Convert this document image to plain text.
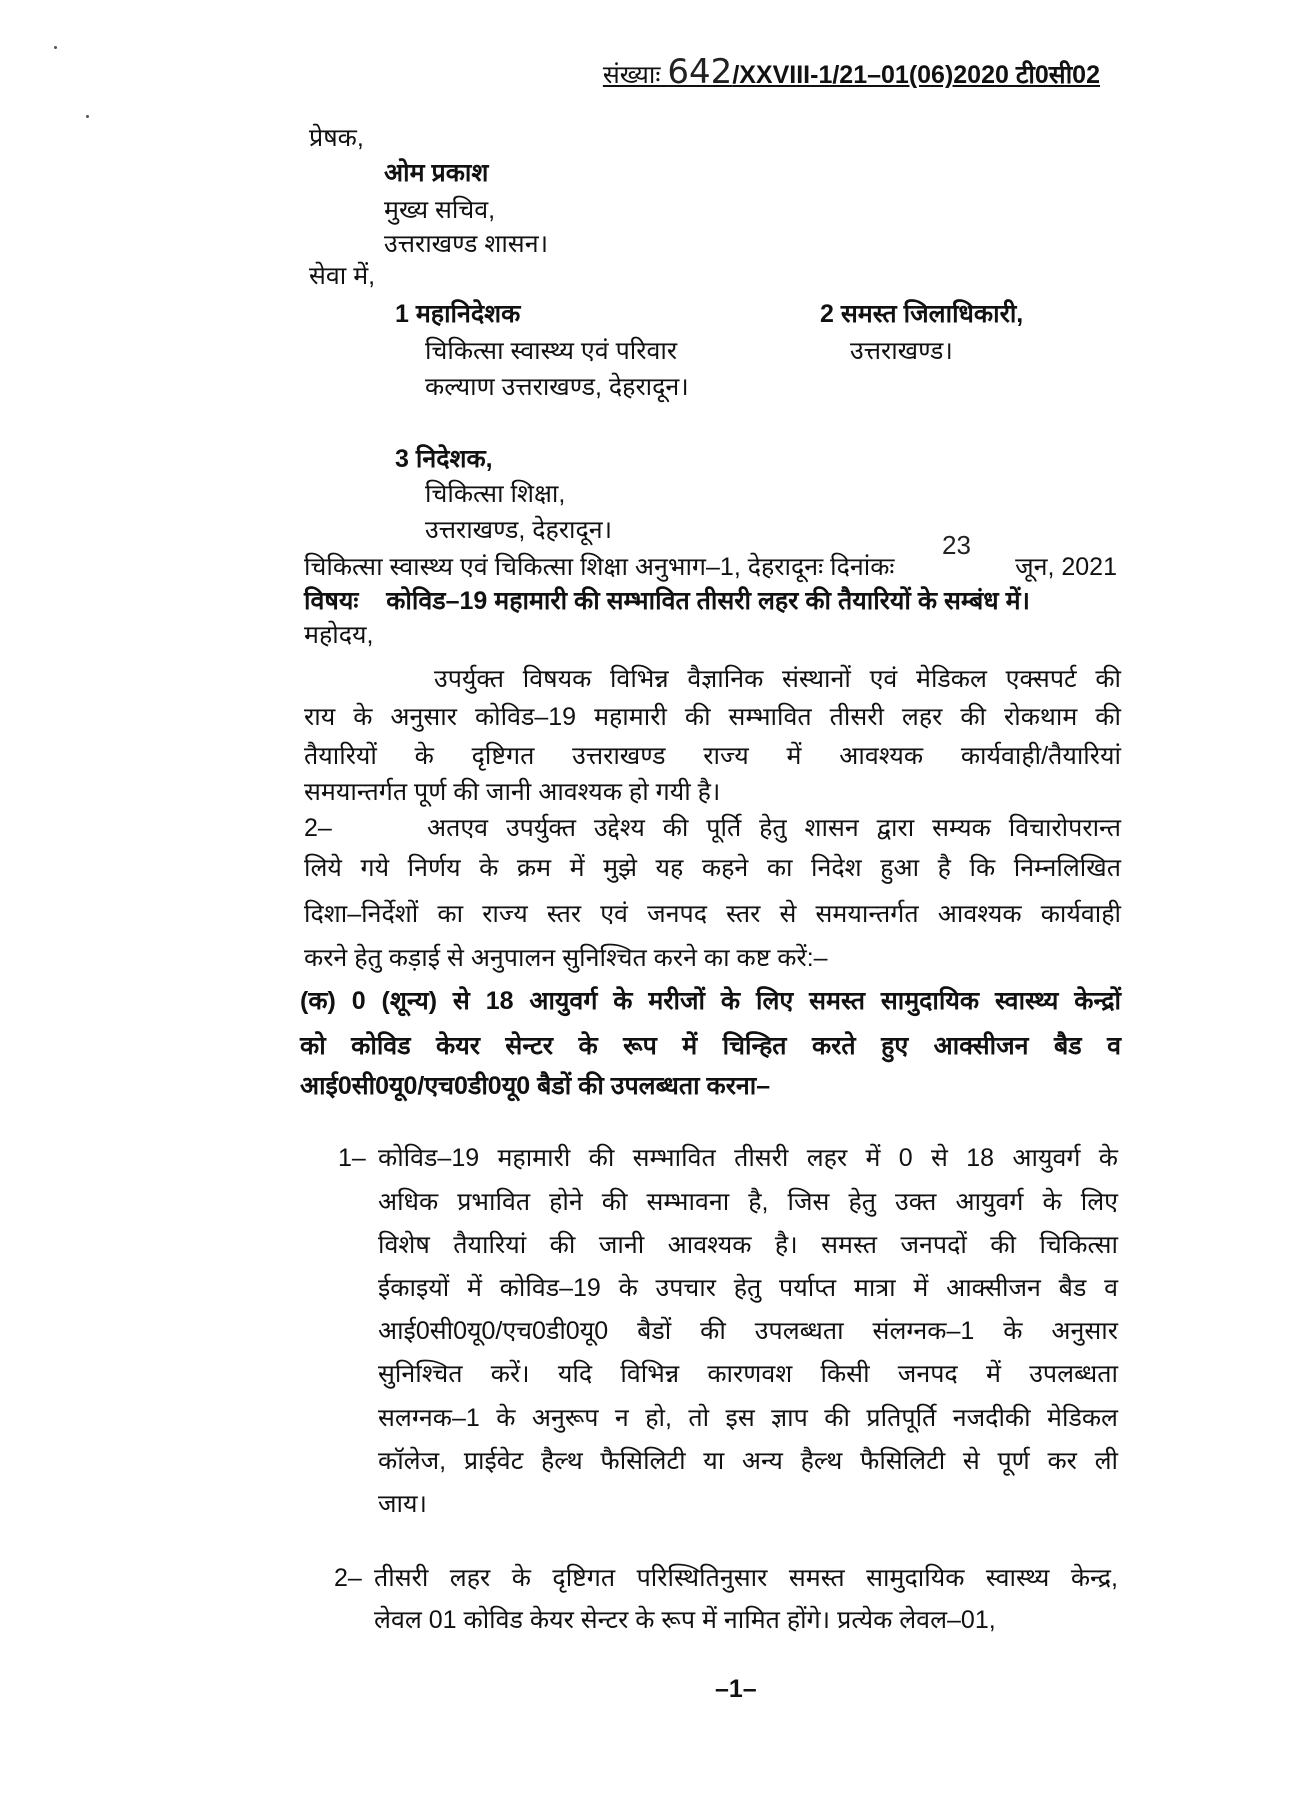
संख्याः 642/XXVIII-1/21–01(06)2020 टी0सी02
प्रेषक,
ओम प्रकाश
मुख्य सचिव,
उत्तराखण्ड शासन।
सेवा में,
1 महानिदेशक
चिकित्सा स्वास्थ्य एवं परिवार
कल्याण उत्तराखण्ड, देहरादून।
2 समस्त जिलाधिकारी,
उत्तराखण्ड।
3 निदेशक,
चिकित्सा शिक्षा,
उत्तराखण्ड, देहरादून।
चिकित्सा स्वास्थ्य एवं चिकित्सा शिक्षा अनुभाग–1, देहरादूनः दिनांकः
23
जून, 2021
विषयः कोविड–19 महामारी की सम्भावित तीसरी लहर की तैयारियों के सम्बंध में।
महोदय,
उपर्युक्त विषयक विभिन्न वैज्ञानिक संस्थानों एवं मेडिकल एक्सपर्ट की
राय के अनुसार कोविड–19 महामारी की सम्भावित तीसरी लहर की रोकथाम की
तैयारियों के दृष्टिगत उत्तराखण्ड राज्य में आवश्यक कार्यवाही/तैयारियां
समयान्तर्गत पूर्ण की जानी आवश्यक हो गयी है।
2–	अतएव उपर्युक्त उद्देश्य की पूर्ति हेतु शासन द्वारा सम्यक विचारोपरान्त
लिये गये निर्णय के क्रम में मुझे यह कहने का निदेश हुआ है कि निम्नलिखित
दिशा–निर्देशों का राज्य स्तर एवं जनपद स्तर से समयान्तर्गत आवश्यक कार्यवाही
करने हेतु कड़ाई से अनुपालन सुनिश्चित करने का कष्ट करें:–
(क) 0 (शून्य) से 18 आयुवर्ग के मरीजों के लिए समस्त सामुदायिक स्वास्थ्य केन्द्रों
को कोविड केयर सेन्टर के रूप में चिन्हित करते हुए आक्सीजन बैड व
आई0सी0यू0/एच0डी0यू0 बैडों की उपलब्धता करना–
1– कोविड–19 महामारी की सम्भावित तीसरी लहर में 0 से 18 आयुवर्ग के
अधिक प्रभावित होने की सम्भावना है, जिस हेतु उक्त आयुवर्ग के लिए
विशेष तैयारियां की जानी आवश्यक है। समस्त जनपदों की चिकित्सा
ईकाइयों में कोविड–19 के उपचार हेतु पर्याप्त मात्रा में आक्सीजन बैड व
आई0सी0यू0/एच0डी0यू0 बैडों की उपलब्धता संलग्नक–1 के अनुसार
सुनिश्चित करें। यदि विभिन्न कारणवश किसी जनपद में उपलब्धता
सलग्नक–1 के अनुरूप न हो, तो इस ज्ञाप की प्रतिपूर्ति नजदीकी मेडिकल
कॉलेज, प्राईवेट हैल्थ फैसिलिटी या अन्य हैल्थ फैसिलिटी से पूर्ण कर ली
जाय।
2– तीसरी लहर के दृष्टिगत परिस्थितिनुसार समस्त सामुदायिक स्वास्थ्य केन्द्र,
लेवल 01 कोविड केयर सेन्टर के रूप में नामित होंगे। प्रत्येक लेवल–01,
–1–
